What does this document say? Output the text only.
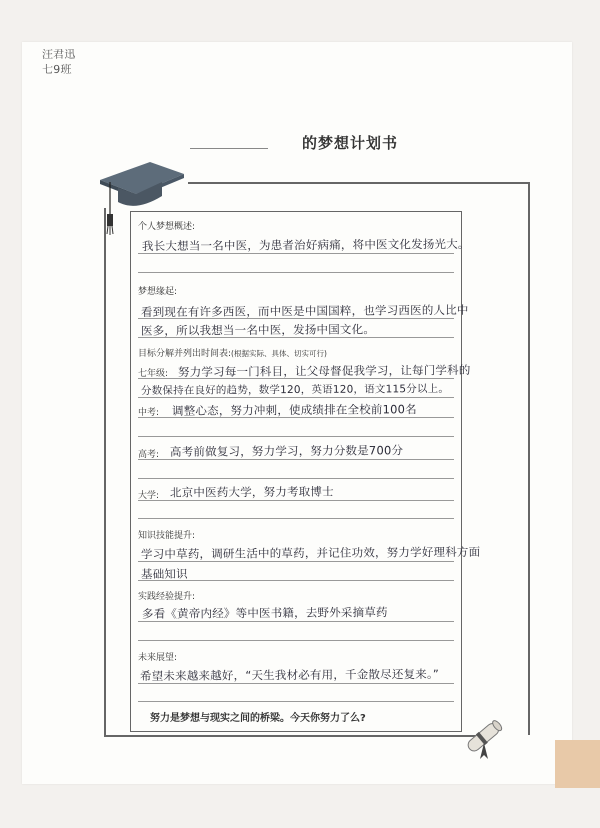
汪君迅
七9班
的梦想计划书
个人梦想概述:
我长大想当一名中医，为患者治好病痛，将中医文化发扬光大。
梦想缘起:
看到现在有许多西医，而中医是中国国粹，也学习西医的人比中
医多，所以我想当一名中医，发扬中国文化。
目标分解并列出时间表:(根据实际、具体、切实可行)
七年级: 努力学习每一门科目，让父母督促我学习，让每门学科的
分数保持在良好的趋势，数学120，英语120，语文115分以上。
中考: 调整心态，努力冲刺，使成绩排在全校前100名
高考: 高考前做复习，努力学习，努力分数是700分
大学: 北京中医药大学，努力考取博士
知识技能提升:
学习中草药，调研生活中的草药，并记住功效，努力学好理科方面
基础知识
实践经验提升:
多看《黄帝内经》等中医书籍，去野外采摘草药
未来展望:
希望未来越来越好，“天生我材必有用，千金散尽还复来。”
努力是梦想与现实之间的桥梁。今天你努力了么?
